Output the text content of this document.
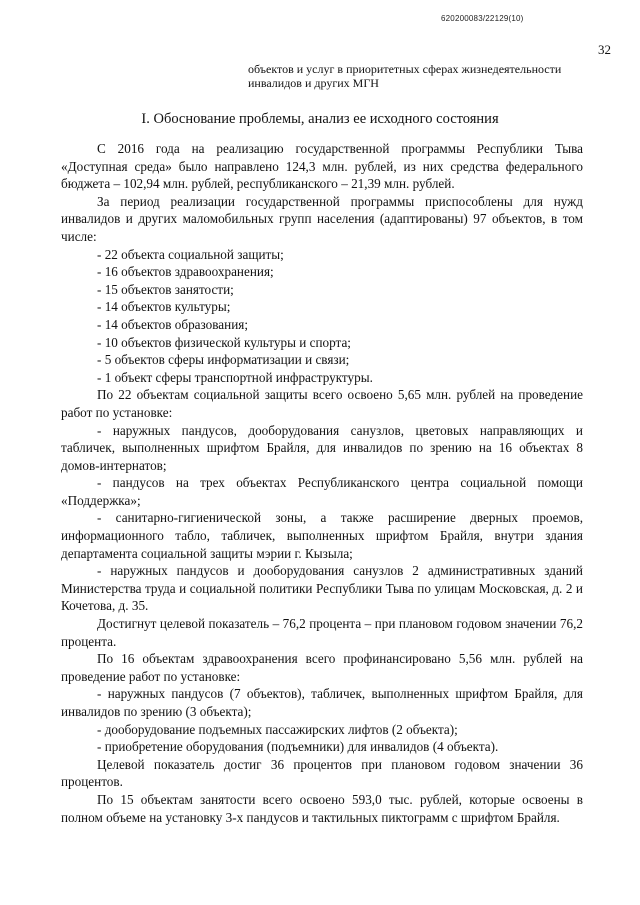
620200083/22129(10)
32
объектов и услуг в приоритетных сферах жизнедеятельности
инвалидов и других МГН
I. Обоснование проблемы, анализ ее исходного состояния

С 2016 года на реализацию государственной программы Республики Тыва «Доступная среда» было направлено 124,3 млн. рублей, из них средства федерального бюджета – 102,94 млн. рублей, республиканского – 21,39 млн. рублей.

За период реализации государственной программы приспособлены для нужд инвалидов и других маломобильных групп населения (адаптированы) 97 объектов, в том числе:

- 22 объекта социальной защиты;
- 16 объектов здравоохранения;
- 15 объектов занятости;
- 14 объектов культуры;
- 14 объектов образования;
- 10 объектов физической культуры и спорта;
- 5 объектов сферы информатизации и связи;
- 1 объект сферы транспортной инфраструктуры.

По 22 объектам социальной защиты всего освоено 5,65 млн. рублей на проведение работ по установке:

- наружных пандусов, дооборудования санузлов, цветовых направляющих и табличек, выполненных шрифтом Брайля, для инвалидов по зрению на 16 объектах 8 домов-интернатов;

- пандусов на трех объектах Республиканского центра социальной помощи «Поддержка»;

- санитарно-гигиенической зоны, а также расширение дверных проемов, информационного табло, табличек, выполненных шрифтом Брайля, внутри здания департамента социальной защиты мэрии г. Кызыла;

- наружных пандусов и дооборудования санузлов 2 административных зданий Министерства труда и социальной политики Республики Тыва по улицам Московская, д. 2 и Кочетова, д. 35.

Достигнут целевой показатель – 76,2 процента – при плановом годовом значении 76,2 процента.

По 16 объектам здравоохранения всего профинансировано 5,56 млн. рублей на проведение работ по установке:

- наружных пандусов (7 объектов), табличек, выполненных шрифтом Брайля, для инвалидов по зрению (3 объекта);

- дооборудование подъемных пассажирских лифтов (2 объекта);

- приобретение оборудования (подъемники) для инвалидов (4 объекта).

Целевой показатель достиг 36 процентов при плановом годовом значении 36 процентов.

По 15 объектам занятости всего освоено 593,0 тыс. рублей, которые освоены в полном объеме на установку 3-х пандусов и тактильных пиктограмм с шрифтом Брайля.
